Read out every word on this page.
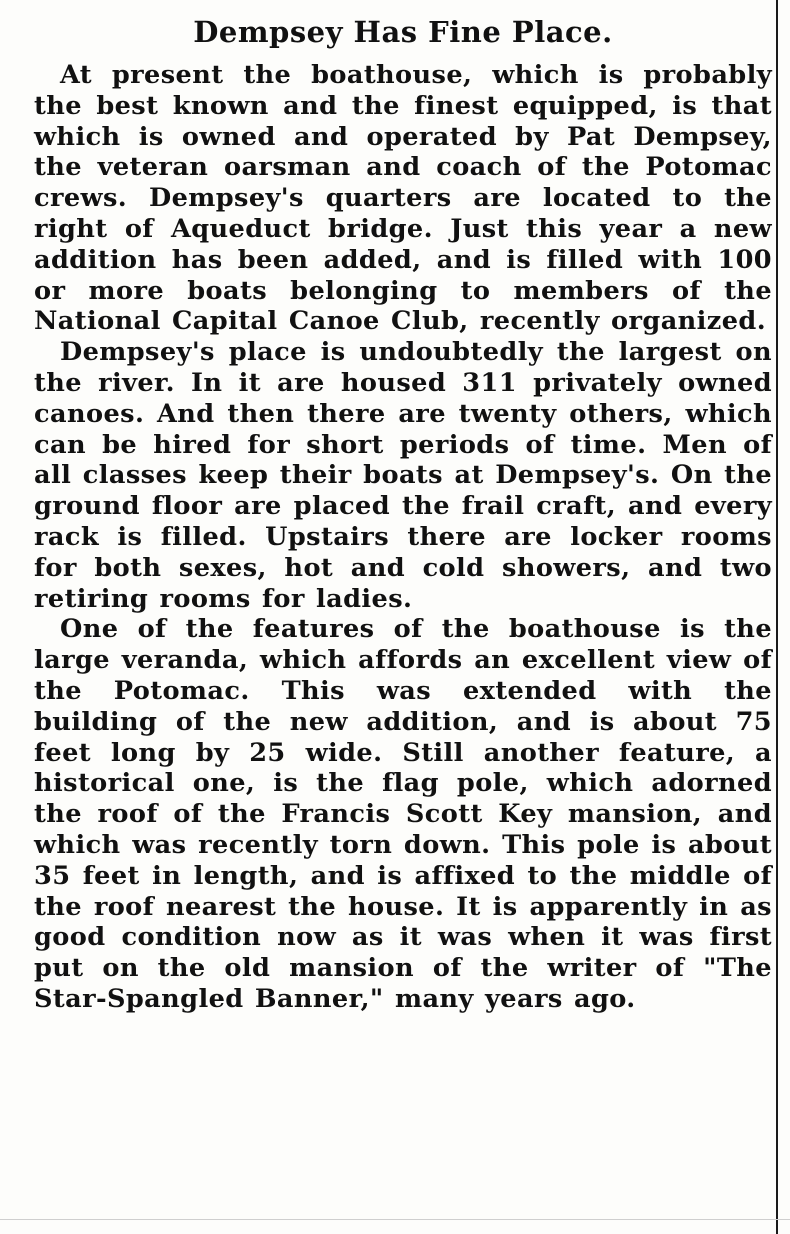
Dempsey Has Fine Place.

At present the boathouse, which is probably the best known and the finest equipped, is that which is owned and operated by Pat Dempsey, the veteran oarsman and coach of the Potomac crews. Dempsey's quarters are located to the right of Aqueduct bridge. Just this year a new addition has been added, and is filled with 100 or more boats belonging to members of the National Capital Canoe Club, recently organized.

Dempsey's place is undoubtedly the largest on the river. In it are housed 311 privately owned canoes. And then there are twenty others, which can be hired for short periods of time. Men of all classes keep their boats at Dempsey's. On the ground floor are placed the frail craft, and every rack is filled. Upstairs there are locker rooms for both sexes, hot and cold showers, and two retiring rooms for ladies.

One of the features of the boathouse is the large veranda, which affords an excellent view of the Potomac. This was extended with the building of the new addition, and is about 75 feet long by 25 wide. Still another feature, a historical one, is the flag pole, which adorned the roof of the Francis Scott Key mansion, and which was recently torn down. This pole is about 35 feet in length, and is affixed to the middle of the roof nearest the house. It is apparently in as good condition now as it was when it was first put on the old mansion of the writer of "The Star-Spangled Banner," many years ago.
